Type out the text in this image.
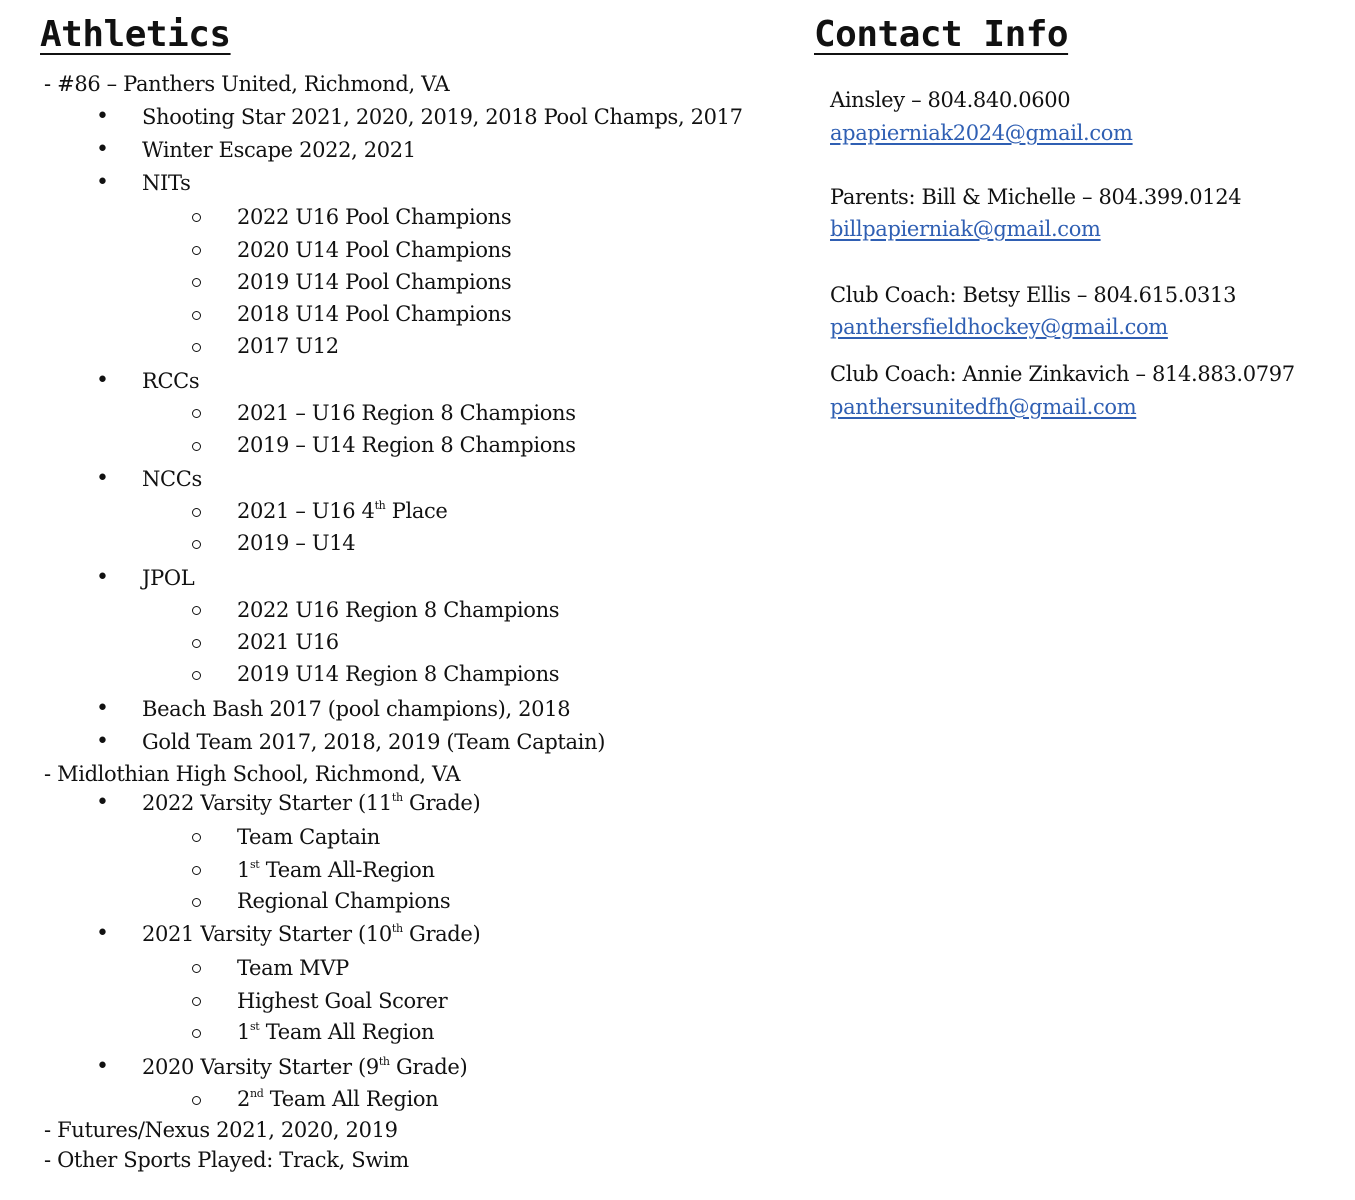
Athletics	Contact Info
- #86 – Panthers United, Richmond, VA
• Shooting Star 2021, 2020, 2019, 2018 Pool Champs, 2017
• Winter Escape 2022, 2021
• NITs
2022 U16 Pool Champions
2020 U14 Pool Champions
2019 U14 Pool Champions
2018 U14 Pool Champions
2017 U12
• RCCs
2021 – U16 Region 8 Champions
2019 – U14 Region 8 Champions
• NCCs
2021 – U16 4th Place
2019 – U14
• JPOL
2022 U16 Region 8 Champions
2021 U16
2019 U14 Region 8 Champions
• Beach Bash 2017 (pool champions), 2018
• Gold Team 2017, 2018, 2019 (Team Captain)
- Midlothian High School, Richmond, VA
• 2022 Varsity Starter (11th Grade)
Team Captain
1st Team All-Region
Regional Champions
• 2021 Varsity Starter (10th Grade)
Team MVP
Highest Goal Scorer
1st Team All Region
• 2020 Varsity Starter (9th Grade)
2nd Team All Region
- Futures/Nexus 2021, 2020, 2019
- Other Sports Played: Track, Swim
Ainsley – 804.840.0600
apapierniak2024@gmail.com
Parents: Bill & Michelle – 804.399.0124
billpapierniak@gmail.com
Club Coach: Betsy Ellis – 804.615.0313
panthersfieldhockey@gmail.com
Club Coach: Annie Zinkavich – 814.883.0797
panthersunitedfh@gmail.com
